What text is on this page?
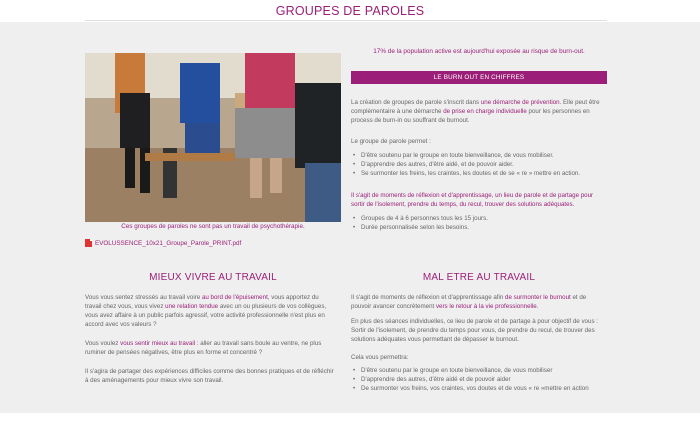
GROUPES DE PAROLES
Ces groupes de paroles ne sont pas un travail de psychothérapie.
EVOLUSSENCE_10x21_Groupe_Parole_PRINT.pdf
17% de la population active est aujourd'hui exposée au risque de burn-out.
LE BURN OUT EN CHIFFRES

La création de groupes de parole s'inscrit dans une démarche de prévention. Elle peut être complémentaire à une démarche de prise en charge individuelle pour les personnes en process de burn-in ou souffrant de burnout.

Le groupe de parole permet :
• D'être soutenu par le groupe en toute bienveillance, de vous mobiliser.
• D'apprendre des autres, d'être aidé, et de pouvoir aider.
• Se surmonter les freins, les craintes, les doutes et de se « re » mettre en action.
Il s'agit de moments de réflexion et d'apprentissage, un lieu de parole et de partage pour sortir de l'isolement, prendre du temps, du recul, trouver des solutions adéquates.
• Groupes de 4 à 6 personnes tous les 15 jours.
• Durée personnalisée selon les besoins.
MIEUX VIVRE AU TRAVAIL

Vous vous sentez stressés au travail voire au bord de l'épuisement, vous apportez du travail chez vous, vous vivez une relation tendue avec un ou plusieurs de vos collègues, vous avez affaire à un public parfois agressif, votre activité professionnelle n'est plus en accord avec vos valeurs ?

Vous voulez vous sentir mieux au travail : aller au travail sans boule au ventre, ne plus ruminer de pensées négatives, être plus en forme et concentré ?

Il s'agira de partager des expériences difficiles comme des bonnes pratiques et de réfléchir à des aménagements pour mieux vivre son travail.
MAL ETRE AU TRAVAIL

Il s'agit de moments de réflexion et d'apprentissage afin de surmonter le burnout et de pouvoir avancer concrètement vers le retour à la vie professionnelle.

En plus des séances individuelles, ce lieu de parole et de partage à pour objectif de vous : Sortir de l'isolement, de prendre du temps pour vous, de prendre du recul, de trouver des solutions adéquates vous permettant de dépasser le burnout.
Cela vous permettra:
• D'être soutenu par le groupe en toute bienveillance, de vous mobiliser
• D'apprendre des autres, d'être aidé et de pouvoir aider
• De surmonter vos freins, vos craintes, vos doutes et de vous « re »mettre en action
